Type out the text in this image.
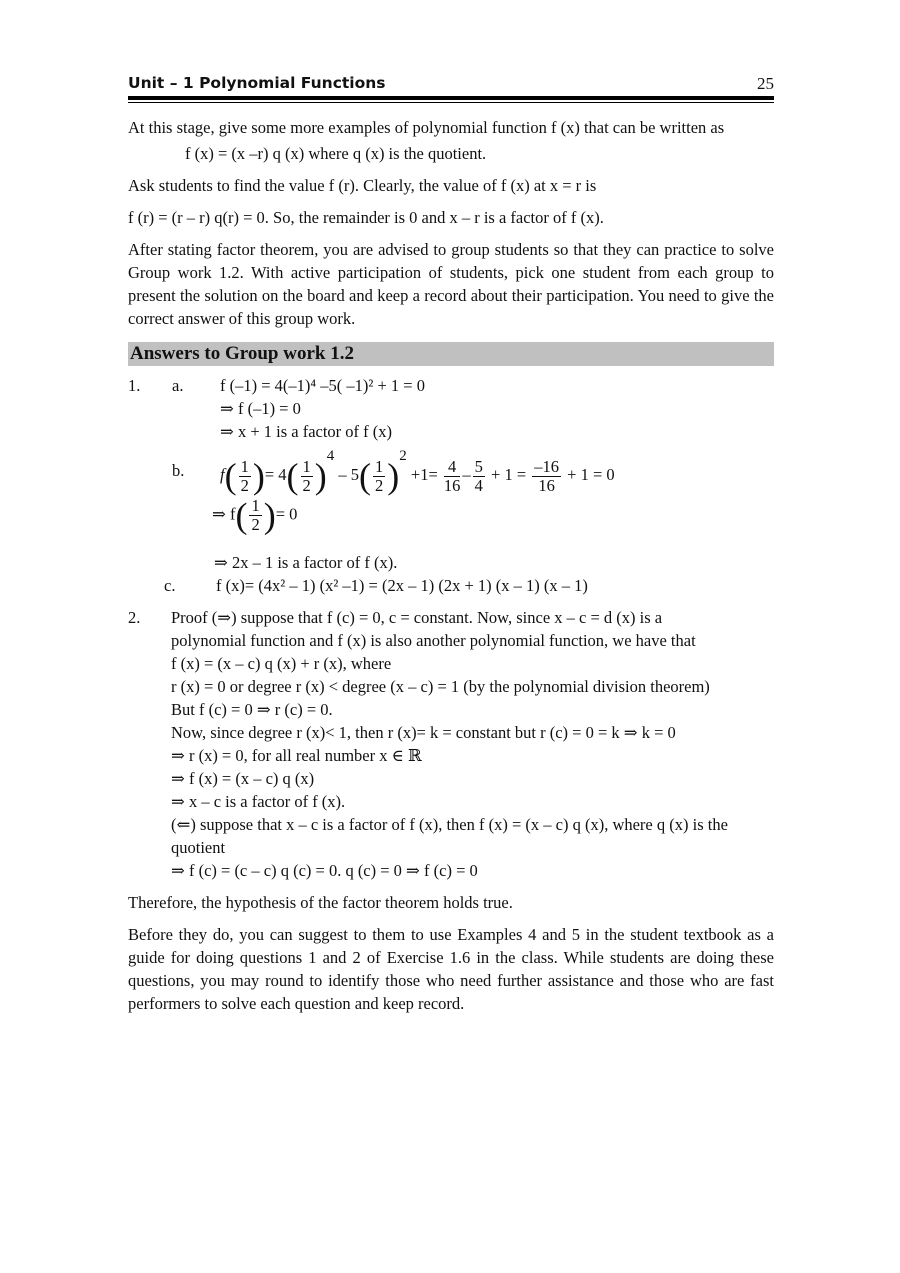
Unit – 1 Polynomial Functions	25

At this stage, give some more examples of polynomial function f (x) that can be written as

f (x) = (x –r) q (x) where q (x) is the quotient.

Ask students to find the value f (r). Clearly, the value of f (x) at x = r is

f (r) = (r – r) q(r) = 0. So, the remainder is 0 and x – r is a factor of f (x).

After stating factor theorem, you are advised to group students so that they can practice to solve Group work 1.2. With active participation of students, pick one student from each group to present the solution on the board and keep a record about their participation. You need to give the correct answer of this group work.

Answers to Group work 1.2
1. a. f (–1) = 4(–1)⁴ –5( –1)² + 1 = 0
⇒ f (–1) = 0
⇒ x + 1 is a factor of f (x)
b. $f( \frac{1}{2}$ )= $4( \frac{1}{2} )4 - 5( \frac{1}{2} )2 +1= \frac{4}{16} - \frac{5}{4} + 1 = \frac{-16}{16} + 1 = 0$
⇒ $f( \frac{1}{2}$ )= 0
⇒ 2x – 1 is a factor of f (x).
c. f (x)= (4x² – 1) (x² –1) = (2x – 1) (2x + 1) (x – 1) (x – 1)
2. Proof (⇒) suppose that f (c) = 0, c = constant. Now, since x – c = d (x) is a

polynomial function and f (x) is also another polynomial function, we have that

f (x) = (x – c) q (x) + r (x), where

r (x) = 0 or degree r (x) < degree (x – c) = 1 (by the polynomial division theorem)

But f (c) = 0 ⇒ r (c) = 0.

Now, since degree r (x)< 1, then r (x)= k = constant but r (c) = 0 = k ⇒ k = 0

⇒ r (x) = 0, for all real number x ∈ ℝ

⇒ f (x) = (x – c) q (x)

⇒ x – c is a factor of f (x).

(⇐) suppose that x – c is a factor of f (x), then f (x) = (x – c) q (x), where q (x) is the quotient

⇒ f (c) = (c – c) q (c) = 0. q (c) = 0 ⇒ f (c) = 0

Therefore, the hypothesis of the factor theorem holds true.

Before they do, you can suggest to them to use Examples 4 and 5 in the student textbook as a guide for doing questions 1 and 2 of Exercise 1.6 in the class. While students are doing these questions, you may round to identify those who need further assistance and those who are fast performers to solve each question and keep record.
